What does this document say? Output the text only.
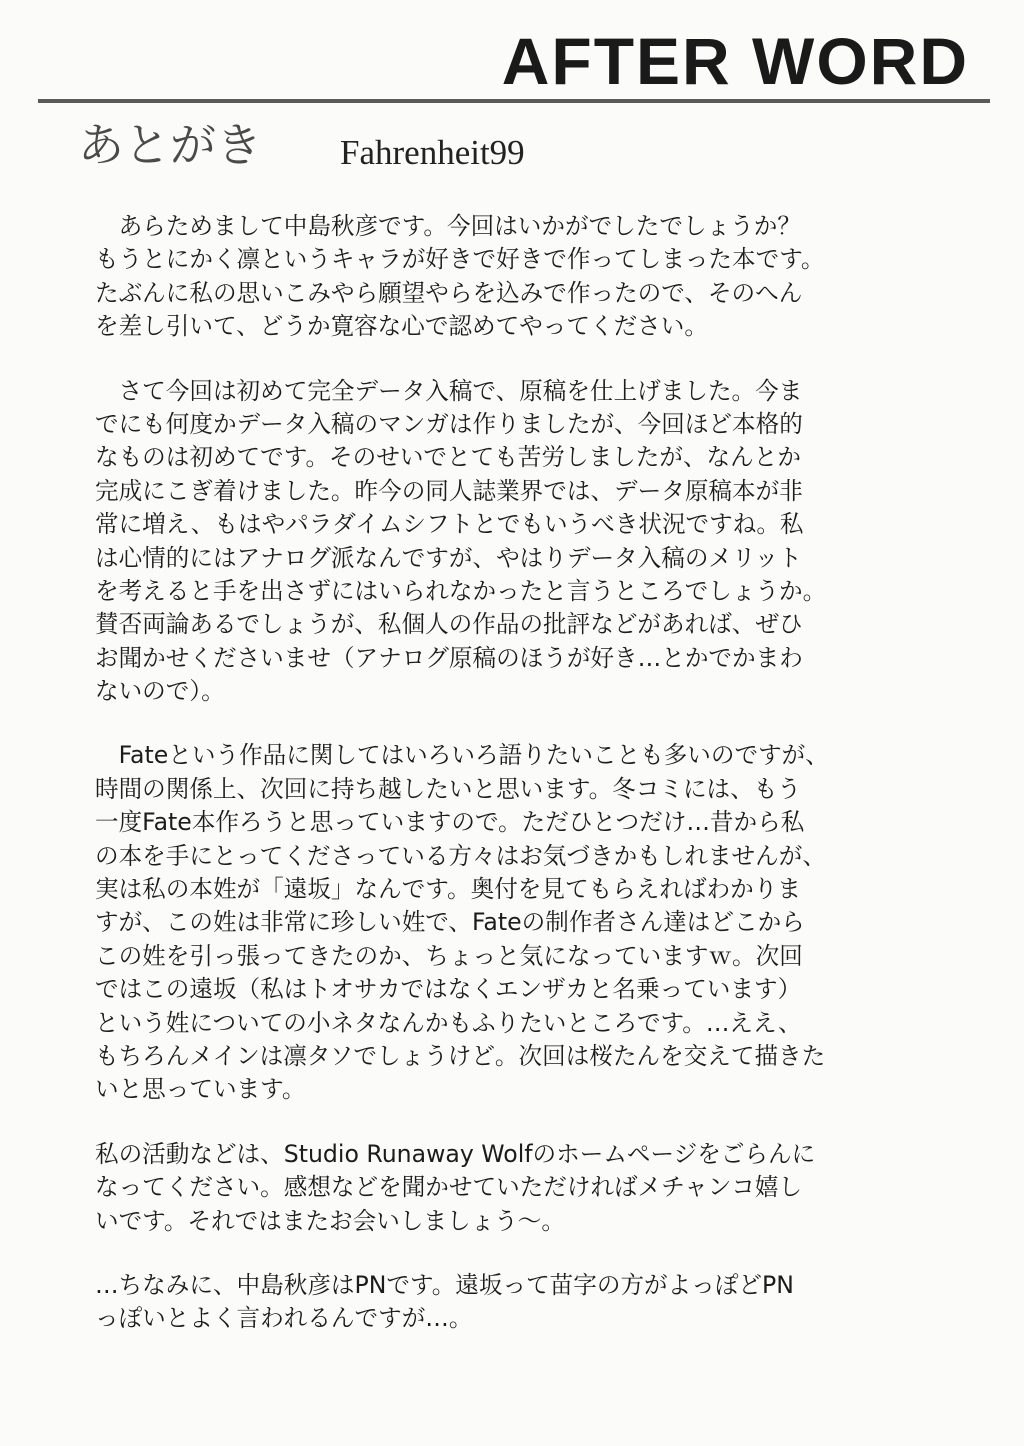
AFTER WORD
あとがき Fahrenheit99
　あらためまして中島秋彦です。今回はいかがでしたでしょうか？
もうとにかく凛というキャラが好きで好きで作ってしまった本です。
たぶんに私の思いこみやら願望やらを込みで作ったので、そのへん
を差し引いて、どうか寛容な心で認めてやってください。
　さて今回は初めて完全データ入稿で、原稿を仕上げました。今ま
でにも何度かデータ入稿のマンガは作りましたが、今回ほど本格的
なものは初めてです。そのせいでとても苦労しましたが、なんとか
完成にこぎ着けました。昨今の同人誌業界では、データ原稿本が非
常に増え、もはやパラダイムシフトとでもいうべき状況ですね。私
は心情的にはアナログ派なんですが、やはりデータ入稿のメリット
を考えると手を出さずにはいられなかったと言うところでしょうか。
賛否両論あるでしょうが、私個人の作品の批評などがあれば、ぜひ
お聞かせくださいませ（アナログ原稿のほうが好き…とかでかまわ
ないので）。
　Fateという作品に関してはいろいろ語りたいことも多いのですが、
時間の関係上、次回に持ち越したいと思います。冬コミには、もう
一度Fate本作ろうと思っていますので。ただひとつだけ…昔から私
の本を手にとってくださっている方々はお気づきかもしれませんが、
実は私の本姓が「遠坂」なんです。奥付を見てもらえればわかりま
すが、この姓は非常に珍しい姓で、Fateの制作者さん達はどこから
この姓を引っ張ってきたのか、ちょっと気になっていますｗ。次回
ではこの遠坂（私はトオサカではなくエンザカと名乗っています）
という姓についての小ネタなんかもふりたいところです。…ええ、
もちろんメインは凛タソでしょうけど。次回は桜たんを交えて描きた
いと思っています。
私の活動などは、Studio Runaway Wolfのホームページをごらんに
なってください。感想などを聞かせていただければメチャンコ嬉し
いです。それではまたお会いしましょう～。
…ちなみに、中島秋彦はPNです。遠坂って苗字の方がよっぽどPN
っぽいとよく言われるんですが…。
